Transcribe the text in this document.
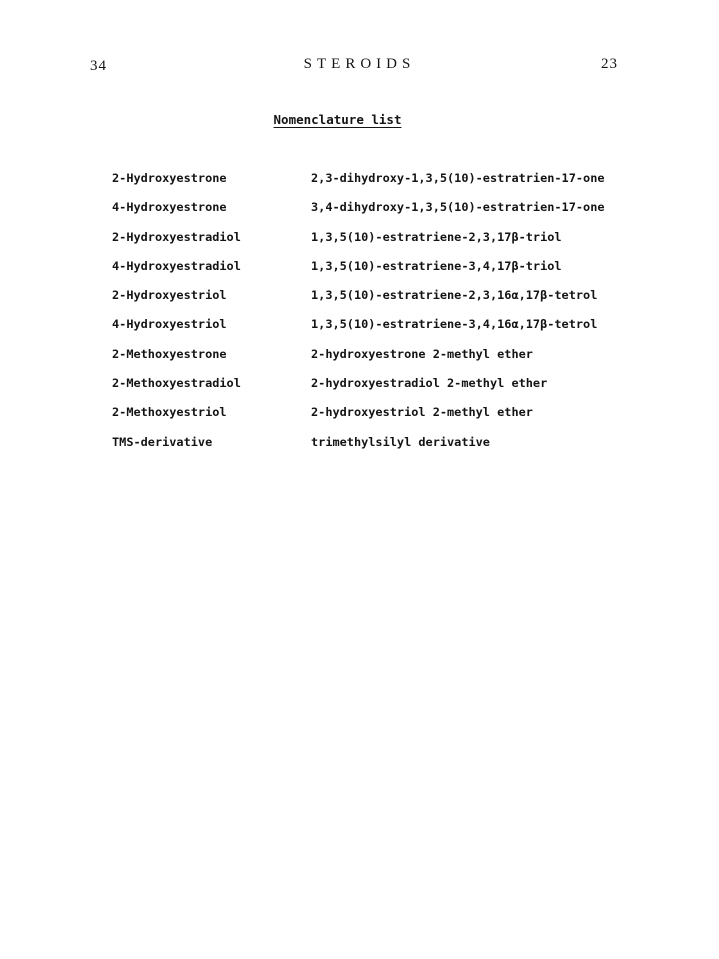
34	STEROIDS	23
Nomenclature list
2-Hydroxyestrone	2,3-dihydroxy-1,3,5(10)-estratrien-17-one
4-Hydroxyestrone	3,4-dihydroxy-1,3,5(10)-estratrien-17-one
2-Hydroxyestradiol	1,3,5(10)-estratriene-2,3,17β-triol
4-Hydroxyestradiol	1,3,5(10)-estratriene-3,4,17β-triol
2-Hydroxyestriol	1,3,5(10)-estratriene-2,3,16α,17β-tetrol
4-Hydroxyestriol	1,3,5(10)-estratriene-3,4,16α,17β-tetrol
2-Methoxyestrone	2-hydroxyestrone 2-methyl ether
2-Methoxyestradiol	2-hydroxyestradiol 2-methyl ether
2-Methoxyestriol	2-hydroxyestriol 2-methyl ether
TMS-derivative	trimethylsilyl derivative
